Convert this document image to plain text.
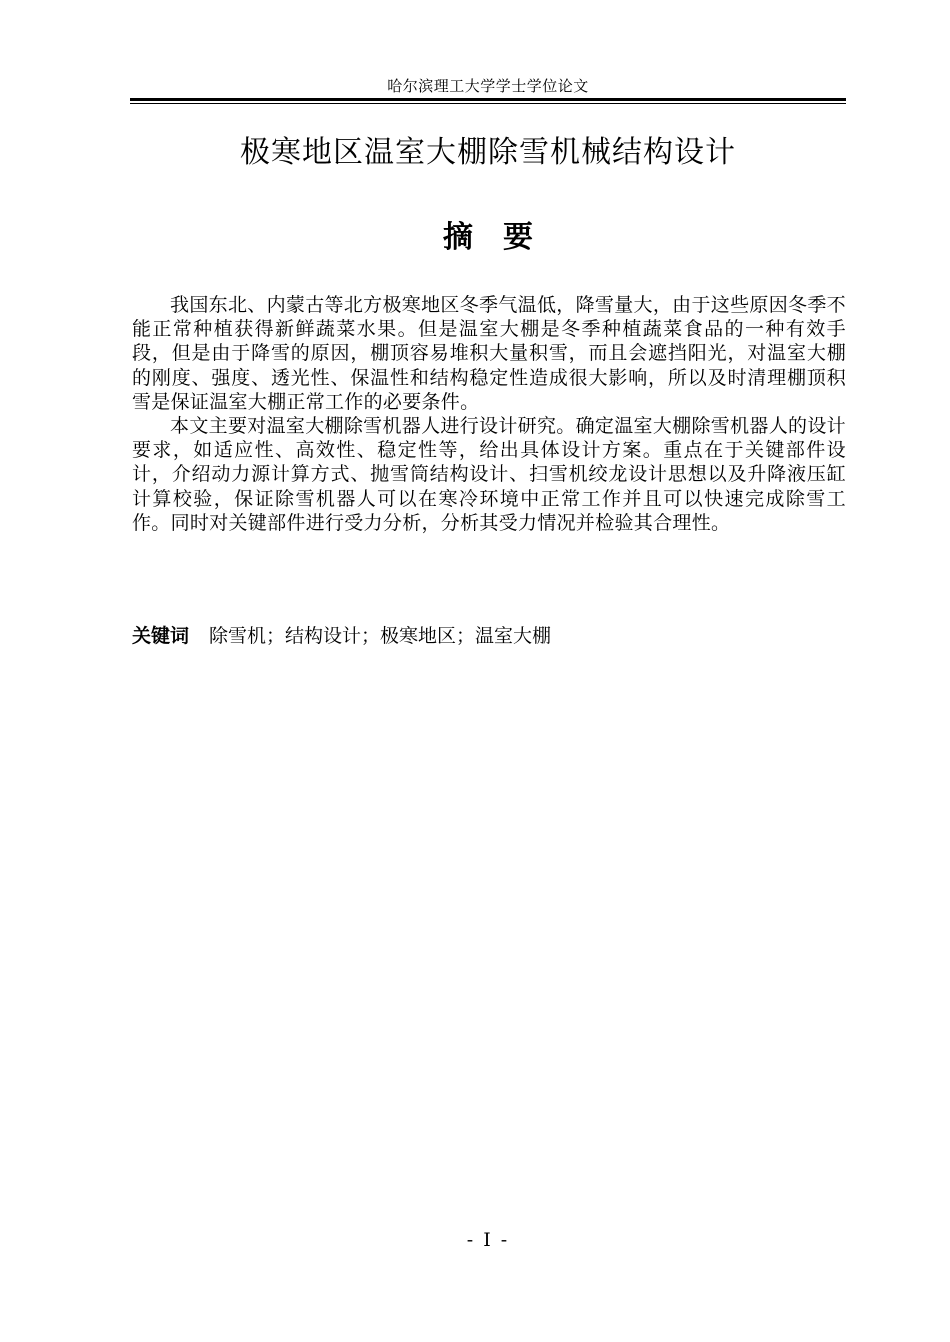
哈尔滨理工大学学士学位论文
极寒地区温室大棚除雪机械结构设计
摘要

我国东北、内蒙古等北方极寒地区冬季气温低，降雪量大，由于这些原因冬季不能正常种植获得新鲜蔬菜水果。但是温室大棚是冬季种植蔬菜食品的一种有效手段，但是由于降雪的原因，棚顶容易堆积大量积雪，而且会遮挡阳光，对温室大棚的刚度、强度、透光性、保温性和结构稳定性造成很大影响，所以及时清理棚顶积雪是保证温室大棚正常工作的必要条件。

本文主要对温室大棚除雪机器人进行设计研究。确定温室大棚除雪机器人的设计要求，如适应性、高效性、稳定性等，给出具体设计方案。重点在于关键部件设计，介绍动力源计算方式、抛雪筒结构设计、扫雪机绞龙设计思想以及升降液压缸计算校验，保证除雪机器人可以在寒冷环境中正常工作并且可以快速完成除雪工作。同时对关键部件进行受力分析，分析其受力情况并检验其合理性。

关键词 除雪机；结构设计；极寒地区；温室大棚
- I -
